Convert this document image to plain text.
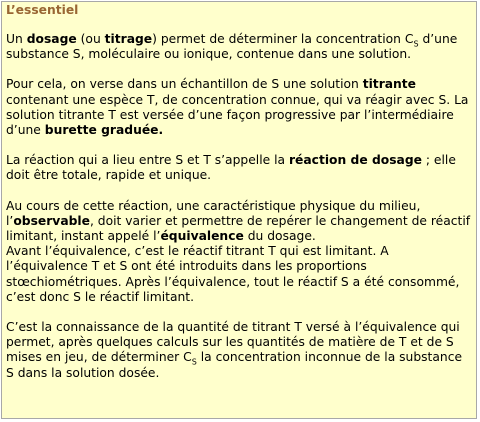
L’essentiel

Un dosage (ou titrage) permet de déterminer la concentration $C_S$ d’une substance S, moléculaire ou ionique, contenue dans une solution.

Pour cela, on verse dans un échantillon de S une solution titrante contenant une espèce T, de concentration connue, qui va réagir avec S. La solution titrante T est versée d’une façon progressive par l’intermédiaire d’une burette graduée.

La réaction qui a lieu entre S et T s’appelle la réaction de dosage ; elle doit être totale, rapide et unique.

Au cours de cette réaction, une caractéristique physique du milieu, l’observable, doit varier et permettre de repérer le changement de réactif limitant, instant appelé l’équivalence du dosage.

Avant l’équivalence, c’est le réactif titrant T qui est limitant. A l’équivalence T et S ont été introduits dans les proportions stœchiométriques. Après l’équivalence, tout le réactif S a été consommé, c’est donc S le réactif limitant.

C’est la connaissance de la quantité de titrant T versé à l’équivalence qui permet, après quelques calculs sur les quantités de matière de T et de S mises en jeu, de déterminer $C_S$ la concentration inconnue de la substance S dans la solution dosée.
